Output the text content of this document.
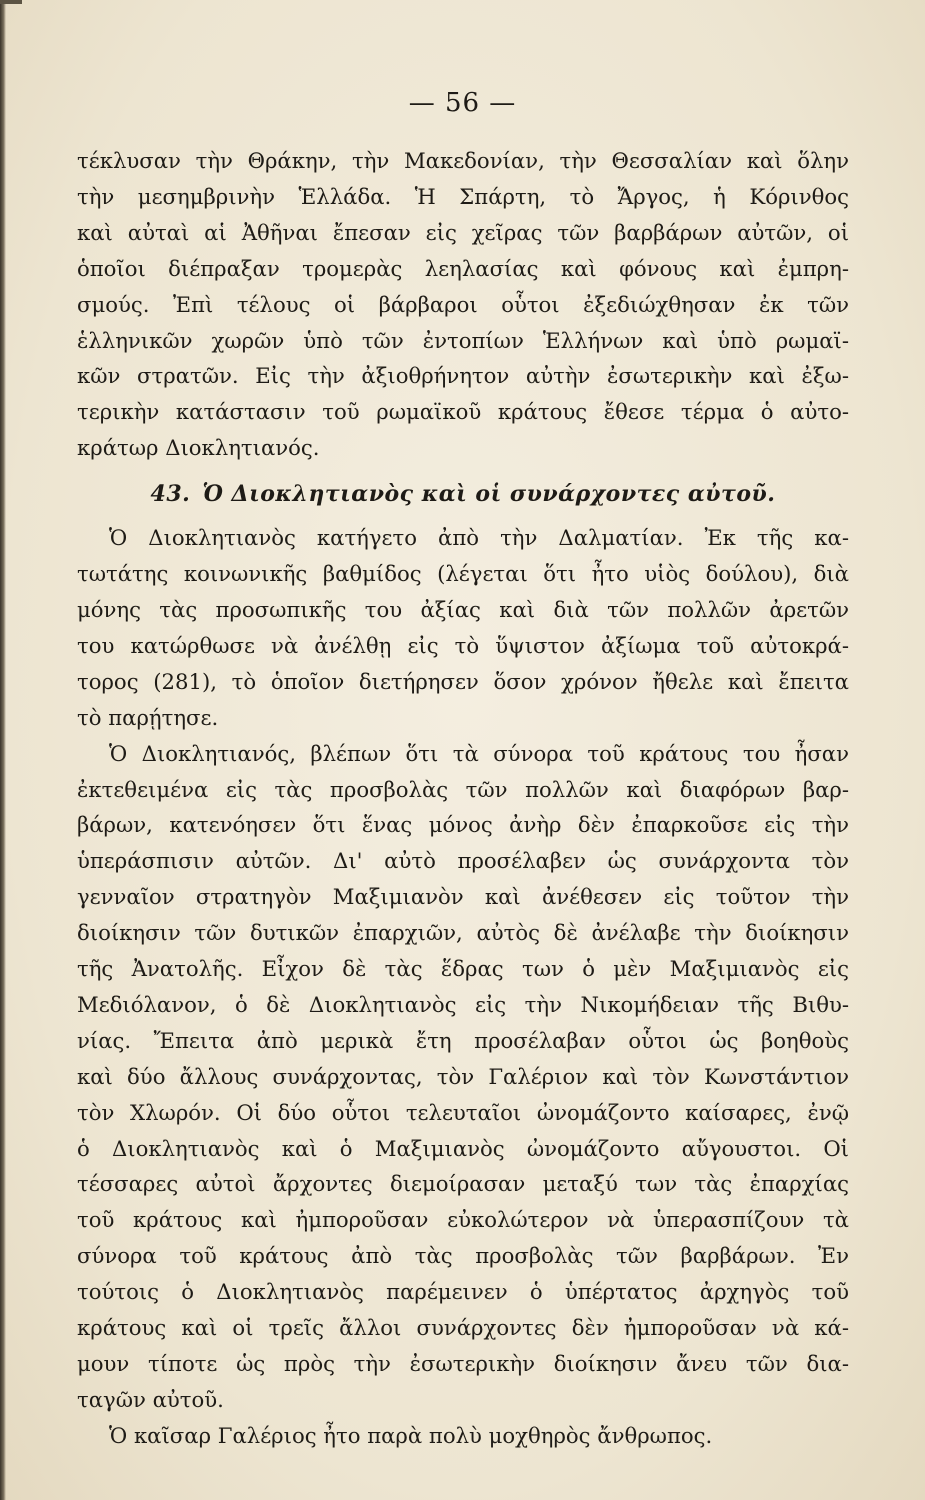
— 56 —

τέκλυσαν τὴν Θράκην, τὴν Μακεδονίαν, τὴν Θεσσαλίαν καὶ ὅλην

τὴν μεσημβρινὴν Ἑλλάδα. Ἡ Σπάρτη, τὸ Ἄργος, ἡ Κόρινθος

καὶ αὐταὶ αἱ Ἀθῆναι ἔπεσαν εἰς χεῖρας τῶν βαρβάρων αὐτῶν, οἱ

ὁποῖοι διέπραξαν τρομερὰς λεηλασίας καὶ φόνους καὶ ἐμπρη-

σμούς. Ἐπὶ τέλους οἱ βάρβαροι οὗτοι ἐξεδιώχθησαν ἐκ τῶν

ἑλληνικῶν χωρῶν ὑπὸ τῶν ἐντοπίων Ἑλλήνων καὶ ὑπὸ ρωμαϊ-

κῶν στρατῶν. Εἰς τὴν ἀξιοθρήνητον αὐτὴν ἐσωτερικὴν καὶ ἐξω-

τερικὴν κατάστασιν τοῦ ρωμαϊκοῦ κράτους ἔθεσε τέρμα ὁ αὐτο-

κράτωρ Διοκλητιανός.

43. Ὁ Διοκλητιανὸς καὶ οἱ συνάρχοντες αὐτοῦ.

Ὁ Διοκλητιανὸς κατήγετο ἀπὸ τὴν Δαλματίαν. Ἐκ τῆς κα-

τωτάτης κοινωνικῆς βαθμίδος (λέγεται ὅτι ἦτο υἱὸς δούλου), διὰ

μόνης τὰς προσωπικῆς του ἀξίας καὶ διὰ τῶν πολλῶν ἀρετῶν

του κατώρθωσε νὰ ἀνέλθῃ εἰς τὸ ὕψιστον ἀξίωμα τοῦ αὐτοκρά-

τορος (281), τὸ ὁποῖον διετήρησεν ὅσον χρόνον ἤθελε καὶ ἔπειτα

τὸ παρῄτησε.

Ὁ Διοκλητιανός, βλέπων ὅτι τὰ σύνορα τοῦ κράτους του ἦσαν

ἐκτεθειμένα εἰς τὰς προσβολὰς τῶν πολλῶν καὶ διαφόρων βαρ-

βάρων, κατενόησεν ὅτι ἕνας μόνος ἀνὴρ δὲν ἐπαρκοῦσε εἰς τὴν

ὑπεράσπισιν αὐτῶν. Δι' αὐτὸ προσέλαβεν ὡς συνάρχοντα τὸν

γενναῖον στρατηγὸν Μαξιμιανὸν καὶ ἀνέθεσεν εἰς τοῦτον τὴν

διοίκησιν τῶν δυτικῶν ἐπαρχιῶν, αὐτὸς δὲ ἀνέλαβε τὴν διοίκησιν

τῆς Ἀνατολῆς. Εἶχον δὲ τὰς ἕδρας των ὁ μὲν Μαξιμιανὸς εἰς

Μεδιόλανον, ὁ δὲ Διοκλητιανὸς εἰς τὴν Νικομήδειαν τῆς Βιθυ-

νίας. Ἔπειτα ἀπὸ μερικὰ ἔτη προσέλαβαν οὗτοι ὡς βοηθοὺς

καὶ δύο ἄλλους συνάρχοντας, τὸν Γαλέριον καὶ τὸν Κωνστάντιον

τὸν Χλωρόν. Οἱ δύο οὗτοι τελευταῖοι ὠνομάζοντο καίσαρες, ἐνῷ

ὁ Διοκλητιανὸς καὶ ὁ Μαξιμιανὸς ὠνομάζοντο αὔγουστοι. Οἱ

τέσσαρες αὐτοὶ ἄρχοντες διεμοίρασαν μεταξύ των τὰς ἐπαρχίας

τοῦ κράτους καὶ ἠμποροῦσαν εὐκολώτερον νὰ ὑπερασπίζουν τὰ

σύνορα τοῦ κράτους ἀπὸ τὰς προσβολὰς τῶν βαρβάρων. Ἐν

τούτοις ὁ Διοκλητιανὸς παρέμεινεν ὁ ὑπέρτατος ἀρχηγὸς τοῦ

κράτους καὶ οἱ τρεῖς ἄλλοι συνάρχοντες δὲν ἠμποροῦσαν νὰ κά-

μουν τίποτε ὡς πρὸς τὴν ἐσωτερικὴν διοίκησιν ἄνευ τῶν δια-

ταγῶν αὐτοῦ.

Ὁ καῖσαρ Γαλέριος ἦτο παρὰ πολὺ μοχθηρὸς ἄνθρωπος.
